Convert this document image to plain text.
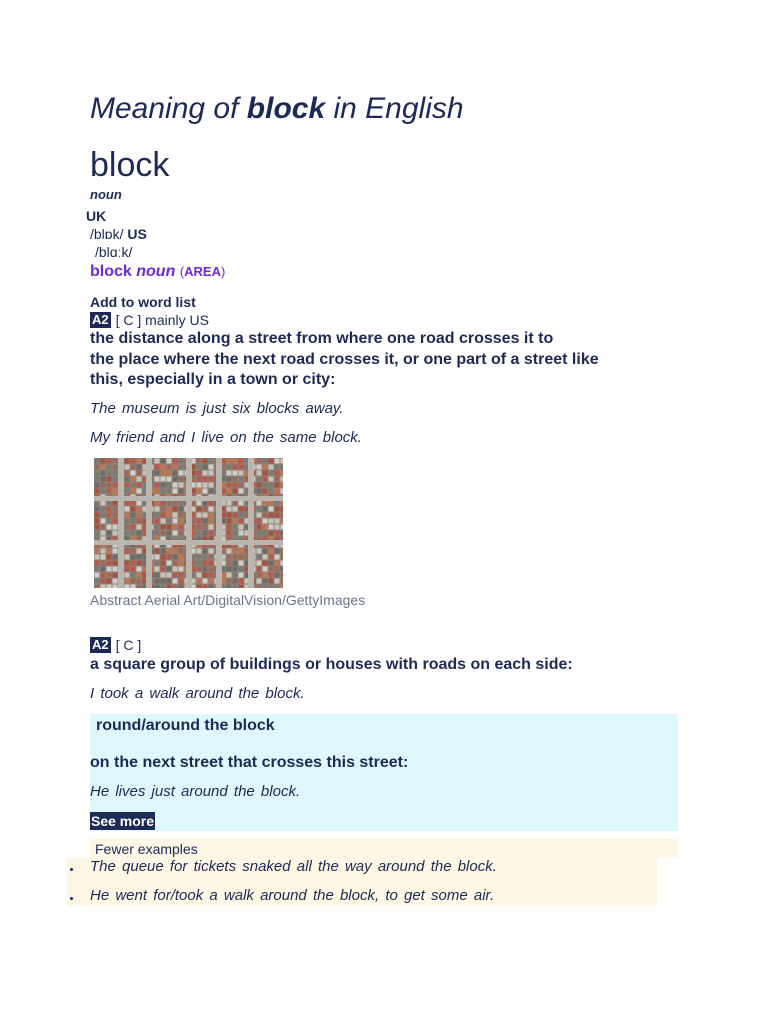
Meaning of block in English
block
noun
UK
/blɒk/ US
/blɑːk/
block noun (AREA)
Add to word list
A2 [ C ] mainly US
the distance along a street from where one road crosses it to
the place where the next road crosses it, or one part of a street like
this, especially in a town or city:
The museum is just six blocks away.
My friend and I live on the same block.
Abstract Aerial Art/DigitalVision/GettyImages
A2 [ C ]
a square group of buildings or houses with roads on each side:
I took a walk around the block.
round/around the block
on the next street that crosses this street:
He lives just around the block.
See more
Fewer examples
The queue for tickets snaked all the way around the block.
He went for/took a walk around the block, to get some air.
